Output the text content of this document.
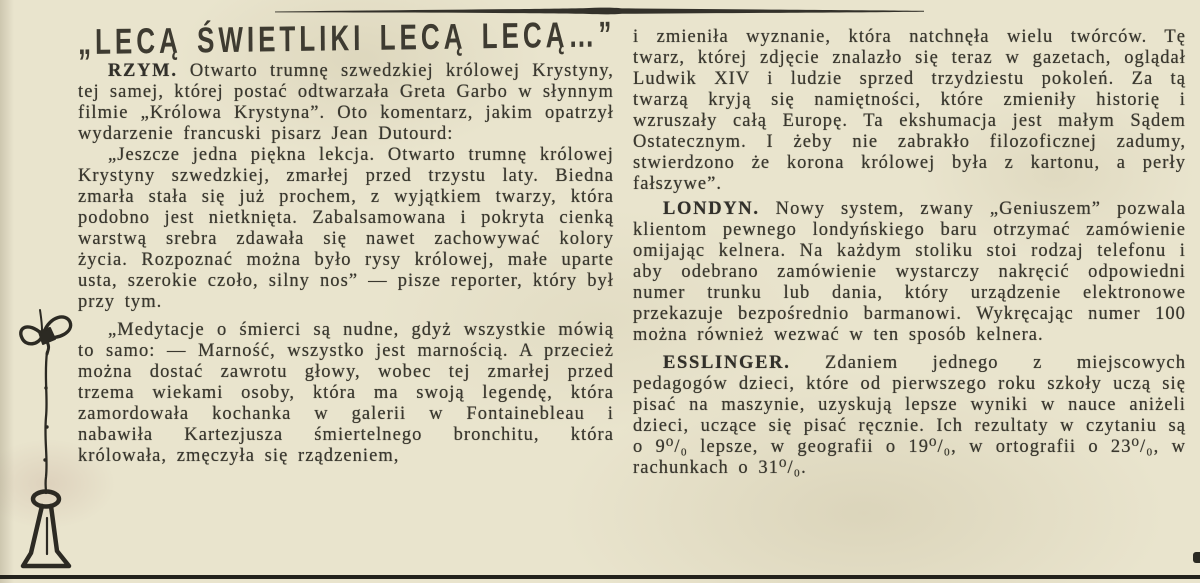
„LECĄ ŚWIETLIKI LECĄ LECĄ…”

RZYM. Otwarto trumnę szwedzkiej królowej Krystyny, tej samej, której postać odtwarzała Greta Garbo w słynnym filmie „Królowa Krystyna”. Oto komentarz, jakim opatrzył wydarzenie francuski pisarz Jean Dutourd:

„Jeszcze jedna piękna lekcja. Otwarto trumnę królowej Krystyny szwedzkiej, zmarłej przed trzystu laty. Biedna zmarła stała się już prochem, z wyjątkiem twarzy, która podobno jest nietknięta. Zabalsamowana i pokryta cienką warstwą srebra zdawała się nawet zachowywać kolory życia. Rozpoznać można było rysy królowej, małe uparte usta, szerokie czoło, silny nos” — pisze reporter, który był przy tym.

„Medytacje o śmierci są nudne, gdyż wszystkie mówią to samo: — Marność, wszystko jest marnością. A przecież można dostać zawrotu głowy, wobec tej zmarłej przed trzema wiekami osoby, która ma swoją legendę, która zamordowała kochanka w galerii w Fontainebleau i nabawiła Kartezjusza śmiertelnego bronchitu, która królowała, zmęczyła się rządzeniem,

i zmieniła wyznanie, która natchnęła wielu twórców. Tę twarz, której zdjęcie znalazło się teraz w gazetach, oglądał Ludwik XIV i ludzie sprzed trzydziestu pokoleń. Za tą twarzą kryją się namiętności, które zmieniły historię i wzruszały całą Europę. Ta ekshumacja jest małym Sądem Ostatecznym. I żeby nie zabrakło filozoficznej zadumy, stwierdzono że korona królowej była z kartonu, a perły fałszywe”.

LONDYN. Nowy system, zwany „Geniuszem” pozwala klientom pewnego londyńskiego baru otrzymać zamówienie omijając kelnera. Na każdym stoliku stoi rodzaj telefonu i aby odebrano zamówienie wystarczy nakręcić odpowiedni numer trunku lub dania, który urządzenie elektronowe przekazuje bezpośrednio barmanowi. Wykręcając numer 100 można również wezwać w ten sposób kelnera.

ESSLINGER. Zdaniem jednego z miejscowych pedagogów dzieci, które od pierwszego roku szkoły uczą się pisać na maszynie, uzyskują lepsze wyniki w nauce aniżeli dzieci, uczące się pisać ręcznie. Ich rezultaty w czytaniu są o 9⁰/₀ lepsze, w geografii o 19⁰/₀, w ortografii o 23⁰/₀, w rachunkach o 31⁰/₀.
